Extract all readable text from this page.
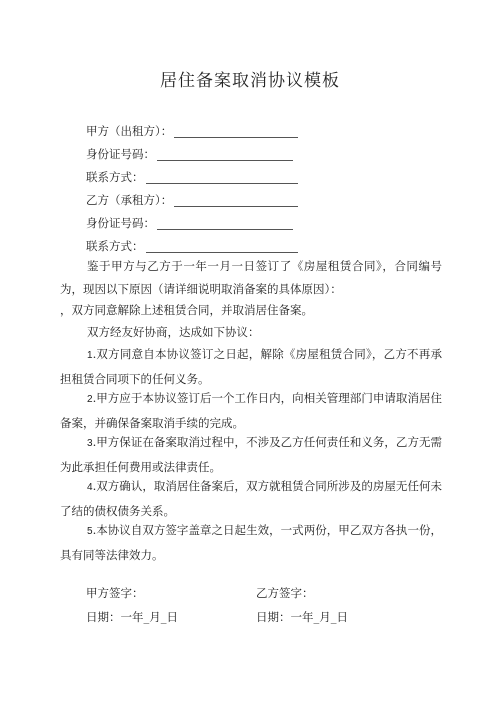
居住备案取消协议模板
甲方（出租方）：
身份证号码：
联系方式：
乙方（承租方）：
身份证号码：
联系方式：
鉴于甲方与乙方于一年一月一日签订了《房屋租赁合同》，合同编号为，现因以下原因（请详细说明取消备案的具体原因）：
，双方同意解除上述租赁合同，并取消居住备案。
双方经友好协商，达成如下协议：
1.双方同意自本协议签订之日起，解除《房屋租赁合同》，乙方不再承担租赁合同项下的任何义务。
2.甲方应于本协议签订后一个工作日内，向相关管理部门申请取消居住备案，并确保备案取消手续的完成。
3.甲方保证在备案取消过程中，不涉及乙方任何责任和义务，乙方无需为此承担任何费用或法律责任。
4.双方确认，取消居住备案后，双方就租赁合同所涉及的房屋无任何未了结的债权债务关系。
5.本协议自双方签字盖章之日起生效，一式两份，甲乙双方各执一份，具有同等法律效力。
甲方签字：	乙方签字：
日期：一年_月_日	日期：一年_月_日
